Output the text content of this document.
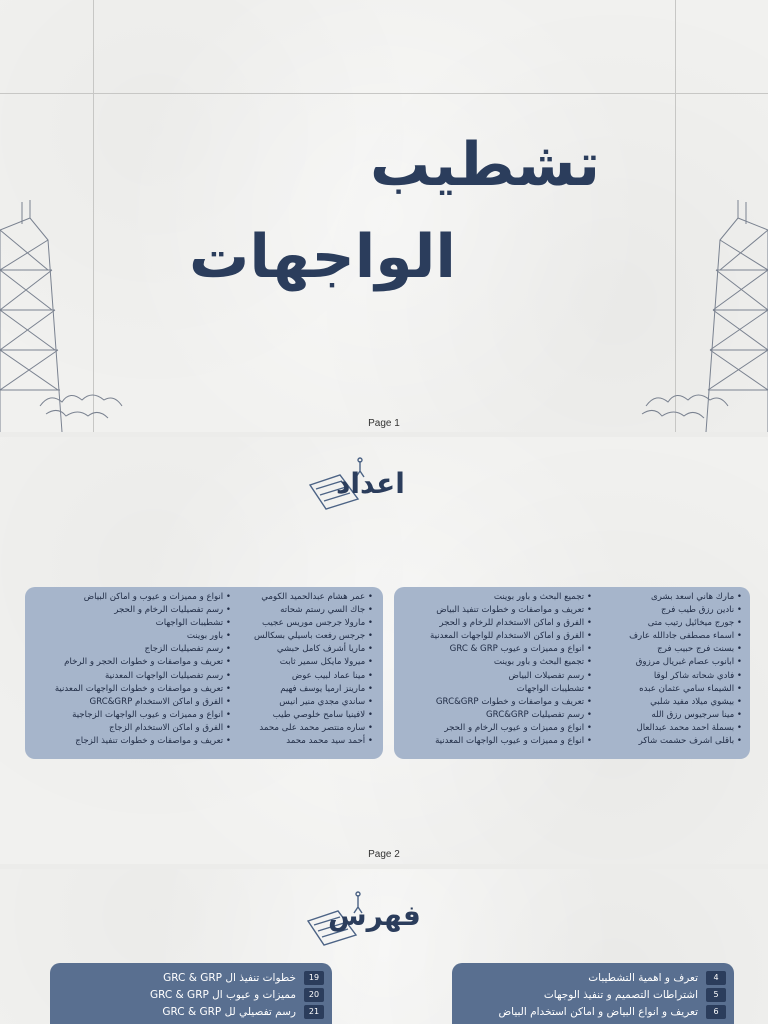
تشطيب
الواجهات
Page 1
اعداد
• مارك هاني اسعد بشرى
• نادين رزق طيب فرج
• جورج ميخائيل رتيب متى
• اسماء مصطفى جادالله عارف
• بسنت فرج حبيب فرج
• ابانوب عصام غبريال مرزوق
• فادي شحاته شاكر لوقا
• الشيماء سامي عثمان عبده
• بيشوي ميلاد مفيد شلبي
• مينا سرجيوس رزق الله
• بسملة احمد محمد عبدالعال
• باقلى اشرف حشمت شاكر
• تجميع البحث و باور بوينت
• تعريف و مواصفات و خطوات تنفيذ البياض
• الفرق و اماكن الاستخدام للرخام و الحجر
• الفرق و اماكن الاستخدام للواجهات المعدنية
• انواع و مميزات و عيوب GRC & GRP
• تجميع البحث و باور بوينت
• رسم تفصيلات البياض
• تشطيبات الواجهات
• تعريف و مواصفات و خطوات GRC&GRP
• رسم تفصيليات GRC&GRP
• انواع و مميزات و عيوب الرخام و الحجر
• انواع و مميزات و عيوب الواجهات المعدنية
• عمر هشام عبدالحميد الكومي
• جاك السي رستم شحاته
• مارولا جرجس موريس عجيب
• جرجس رفعت باسيلي بسكالس
• ماريا أشرف كامل حبشي
• ميرولا مايكل سمير ثابت
• مينا عماد لبيب عوض
• مارينز ارميا يوسف فهيم
• ساندي مجدي منير انيس
• لافينيا سامح خلوصي طيب
• ساره منتصر محمد على محمد
• أحمد سيد محمد محمد
• انواع و مميزات و عيوب و اماكن البياض
• رسم تفصيليات الرخام و الحجر
• تشطيبات الواجهات
• باور بوينت
• رسم تفصيليات الزجاج
• تعريف و مواصفات و خطوات الحجر و الرخام
• رسم تفصيليات الواجهات المعدنية
• تعريف و مواصفات و خطوات الواجهات المعدنية
• الفرق و اماكن الاستخدام GRC&GRP
• انواع و مميزات و عيوب الواجهات الزجاجية
• الفرق و اماكن الاستخدام الزجاج
• تعريف و مواصفات و خطوات تنفيذ الزجاج
Page 2
فهرس
تعرف و اهمية التشطيبات	4
اشتراطات التصميم و تنفيذ الوجهات	5
تعريف و انواع البياض و اماكن استخدام البياض	6
خطوات تنفيذ ال GRC & GRP	19
مميزات و عيوب ال GRC & GRP	20
رسم تفصيلي لل GRC & GRP	21
